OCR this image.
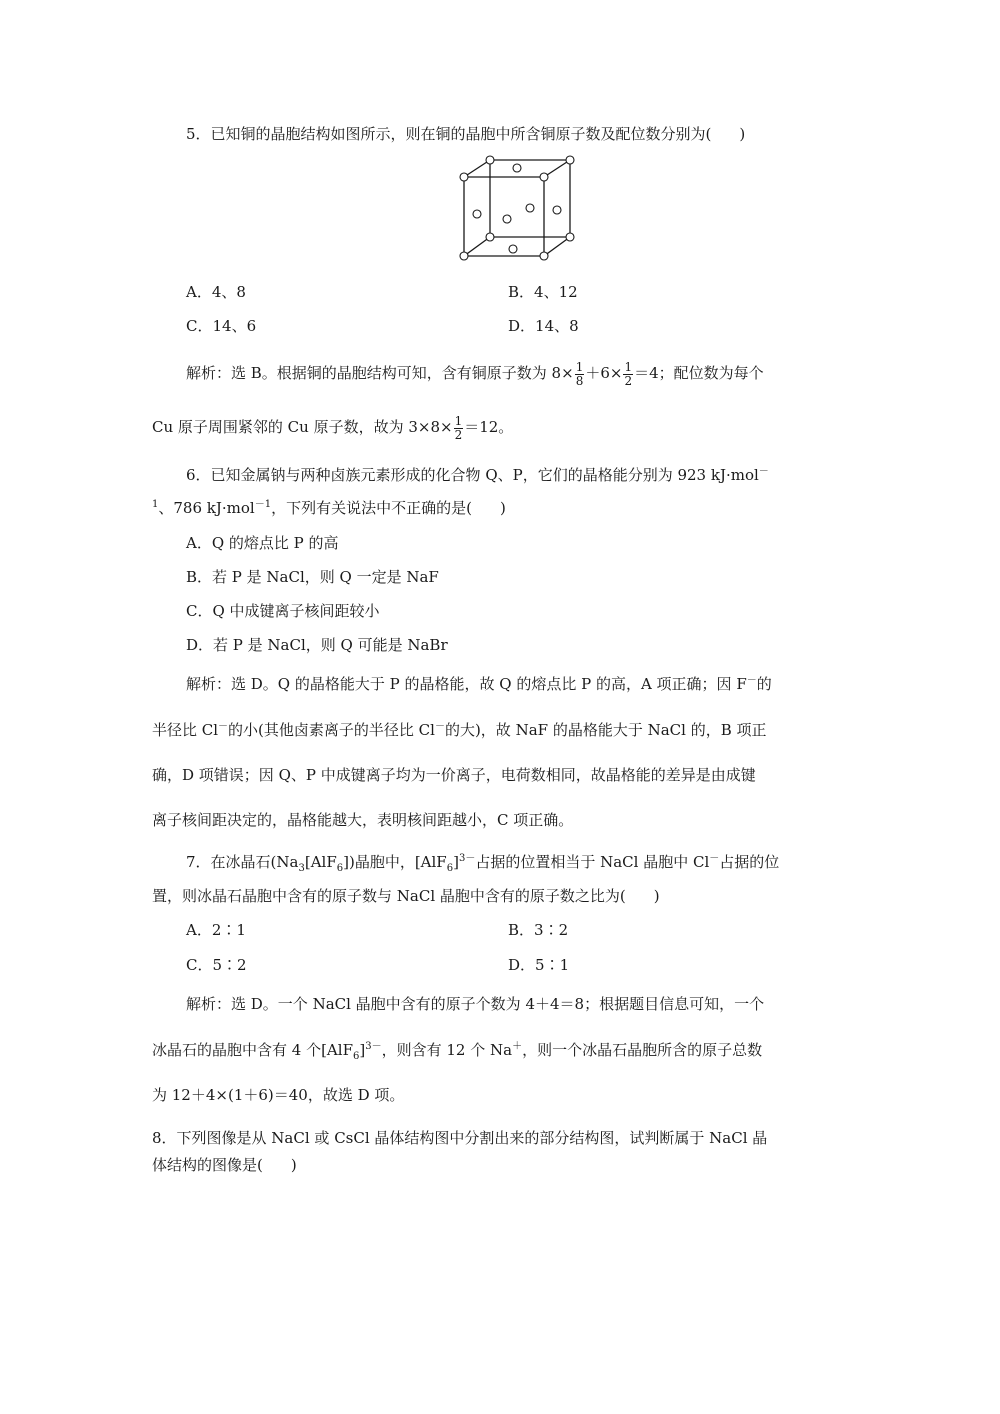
5．已知铜的晶胞结构如图所示，则在铜的晶胞中所含铜原子数及配位数分别为( )
A．4、8	B．4、12
C．14、6	D．14、8
解析：选 B。根据铜的晶胞结构可知，含有铜原子数为 $8\times \frac{1}{8} +6\times \frac{1}{2} =4$；配位数为每个
Cu 原子周围紧邻的 Cu 原子数，故为 $3\times 8\times \frac{1}{2} =12$。
6．已知金属钠与两种卤族元素形成的化合物 Q、P，它们的晶格能分别为 923 kJ·mol－
$^1$、786 kJ·mol$^{-1}$，下列有关说法中不正确的是( )
A．Q 的熔点比 P 的高
B．若 P 是 NaCl，则 Q 一定是 NaF
C．Q 中成键离子核间距较小
D．若 P 是 NaCl，则 Q 可能是 NaBr
解析：选 D。Q 的晶格能大于 P 的晶格能，故 Q 的熔点比 P 的高，A 项正确；因 F－的
半径比 Cl－的小(其他卤素离子的半径比 Cl－的大)，故 NaF 的晶格能大于 NaCl 的，B 项正
确，D 项错误；因 Q、P 中成键离子均为一价离子，电荷数相同，故晶格能的差异是由成键
离子核间距决定的，晶格能越大，表明核间距越小，C 项正确。
7．在冰晶石$(Na_3[AlF_6])$晶胞中，$[AlF_6]^{3-}$占据的位置相当于 NaCl 晶胞中 Cl－占据的位
置，则冰晶石晶胞中含有的原子数与 NaCl 晶胞中含有的原子数之比为( )
A．2∶1	B．3∶2
C．5∶2	D．5∶1
解析：选 D。一个 NaCl 晶胞中含有的原子个数为 4＋4＝8；根据题目信息可知，一个
冰晶石的晶胞中含有 4 个$[AlF_6]^{3-}$，则含有 12 个 Na＋，则一个冰晶石晶胞所含的原子总数
为 12＋4×(1＋6)＝40，故选 D 项。
8．下列图像是从 NaCl 或 CsCl 晶体结构图中分割出来的部分结构图，试判断属于 NaCl 晶
体结构的图像是( )
